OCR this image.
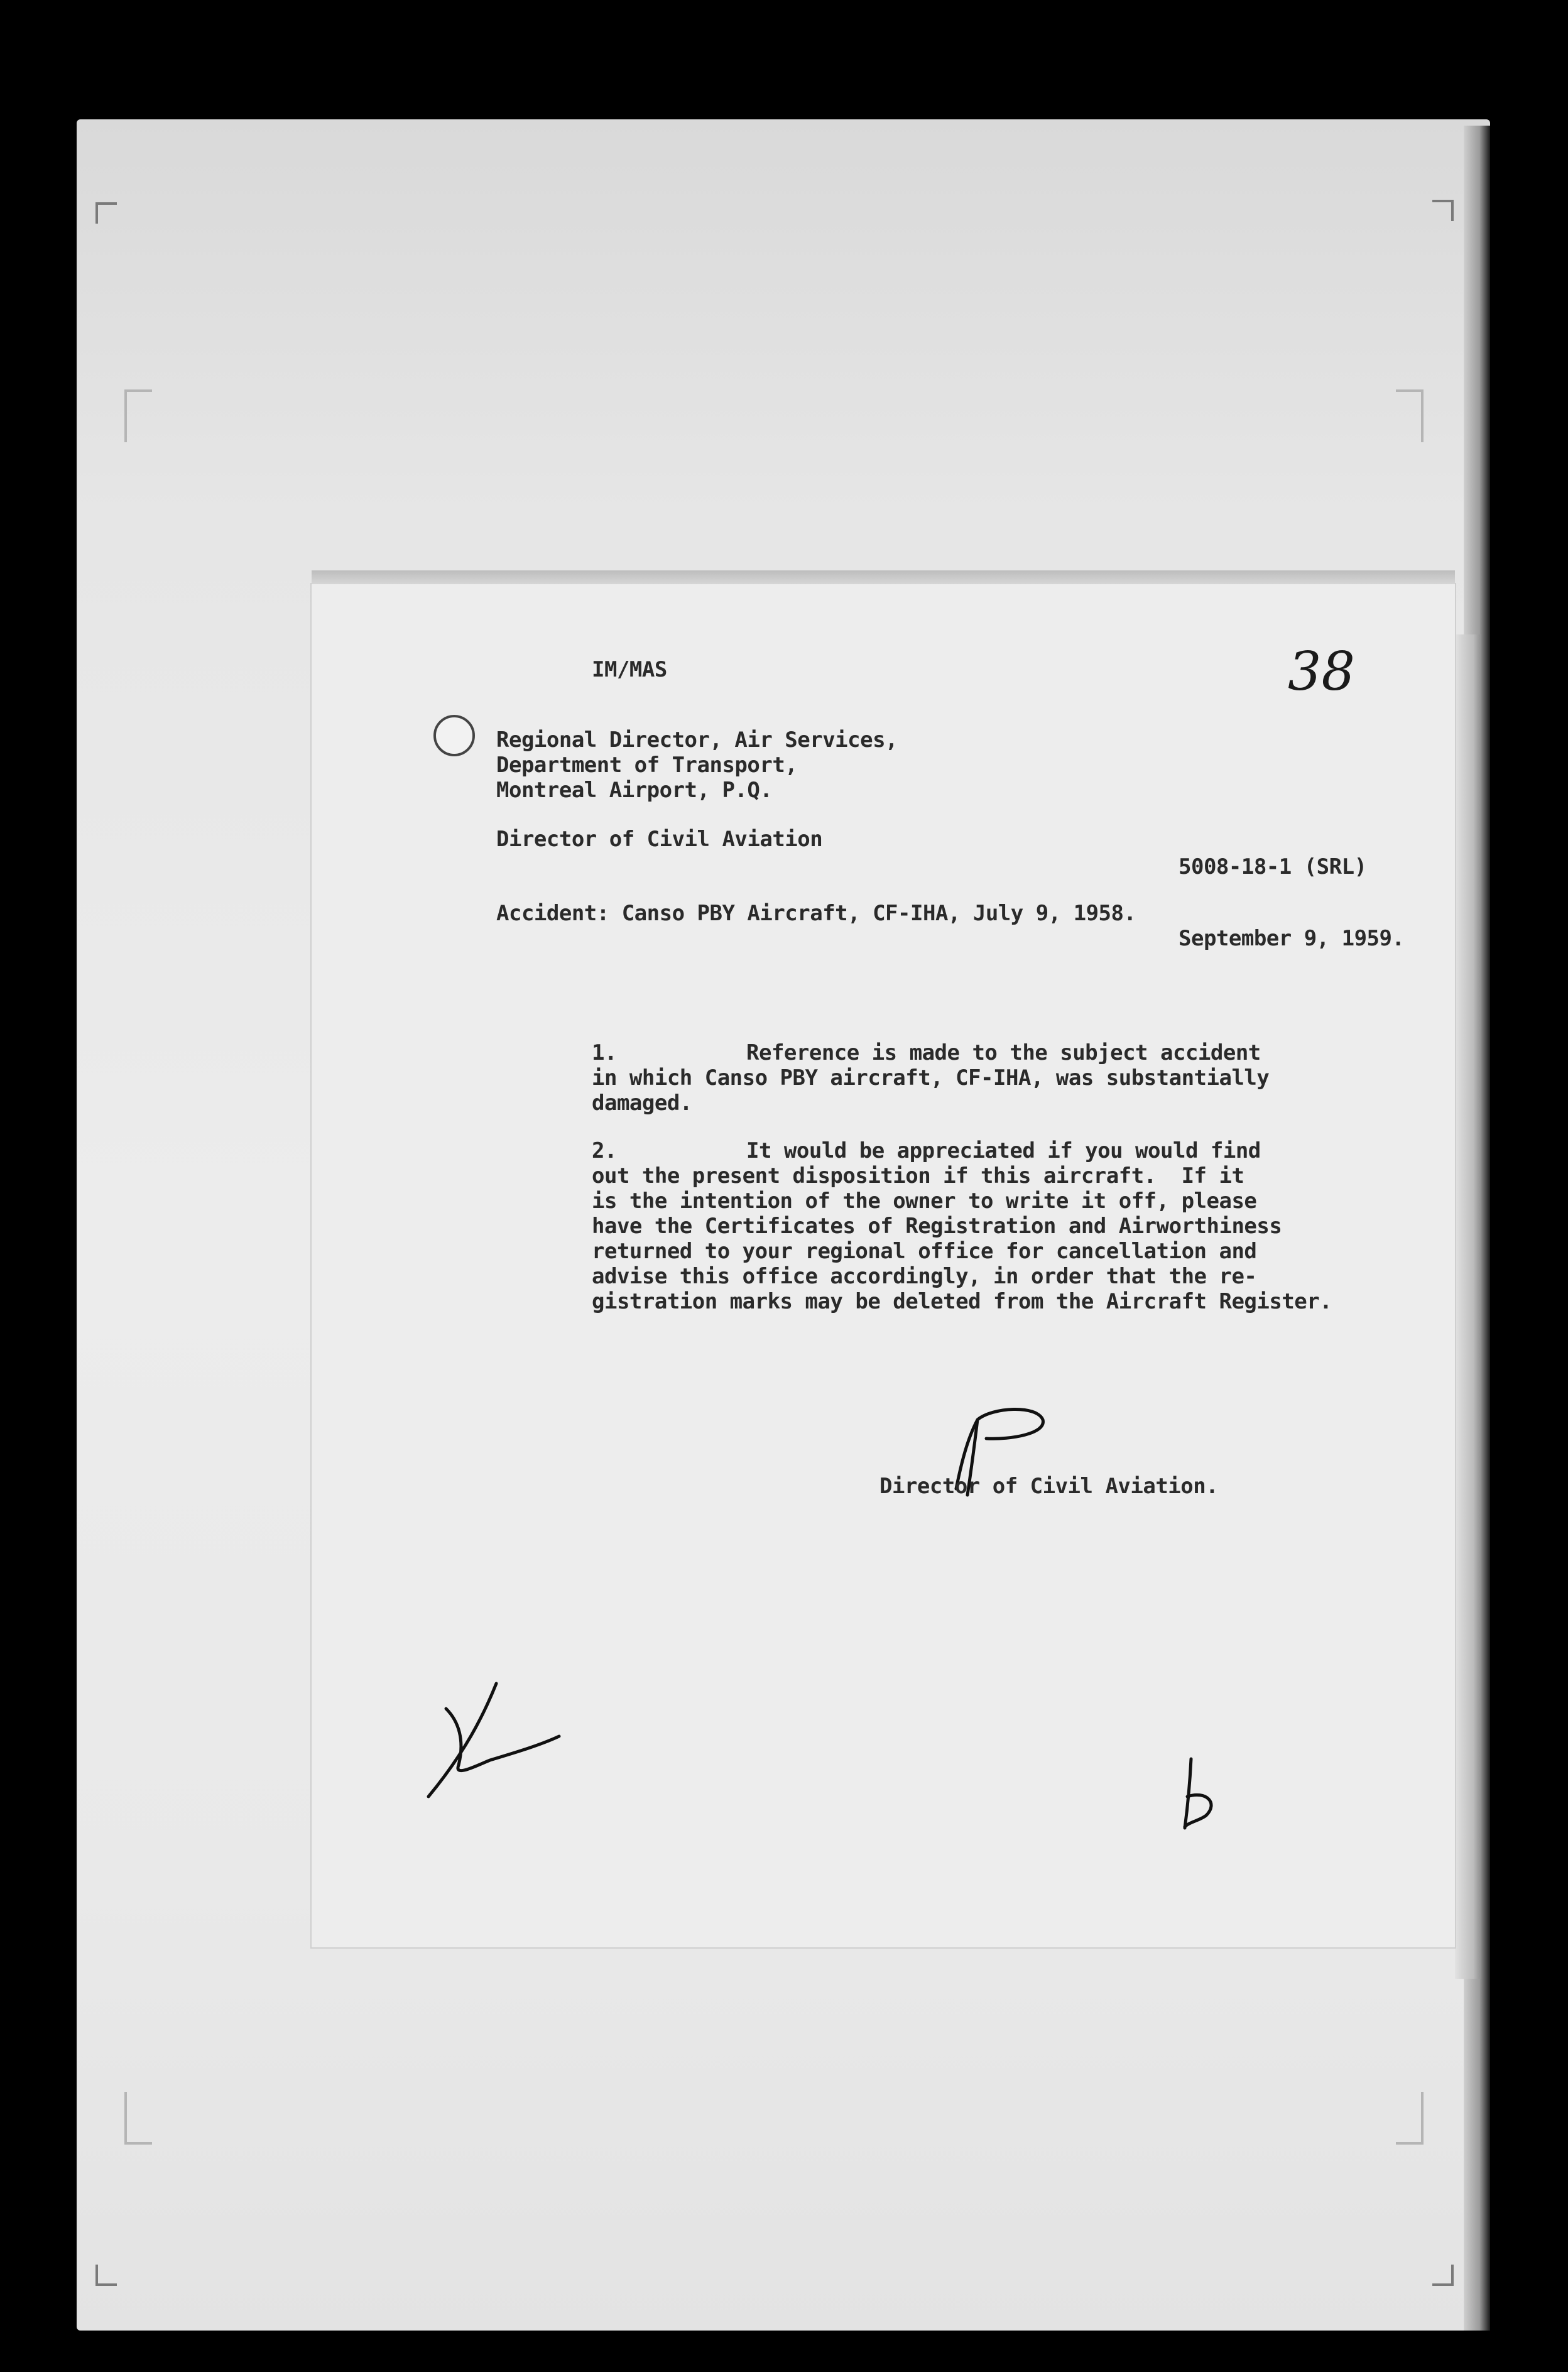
IM/MAS	38
Regional Director, Air Services,
Department of Transport,
Montreal Airport, P.Q.
Director of Civil Aviation
5008-18-1 (SRL)
Accident: Canso PBY Aircraft, CF-IHA, July 9, 1958.
September 9, 1959.
1.	Reference is made to the subject accident
in which Canso PBY aircraft, CF-IHA, was substantially
damaged.
2.	It would be appreciated if you would find
out the present disposition if this aircraft.  If it
is the intention of the owner to write it off, please
have the Certificates of Registration and Airworthiness
returned to your regional office for cancellation and
advise this office accordingly, in order that the re-
gistration marks may be deleted from the Aircraft Register.
Director of Civil Aviation.
